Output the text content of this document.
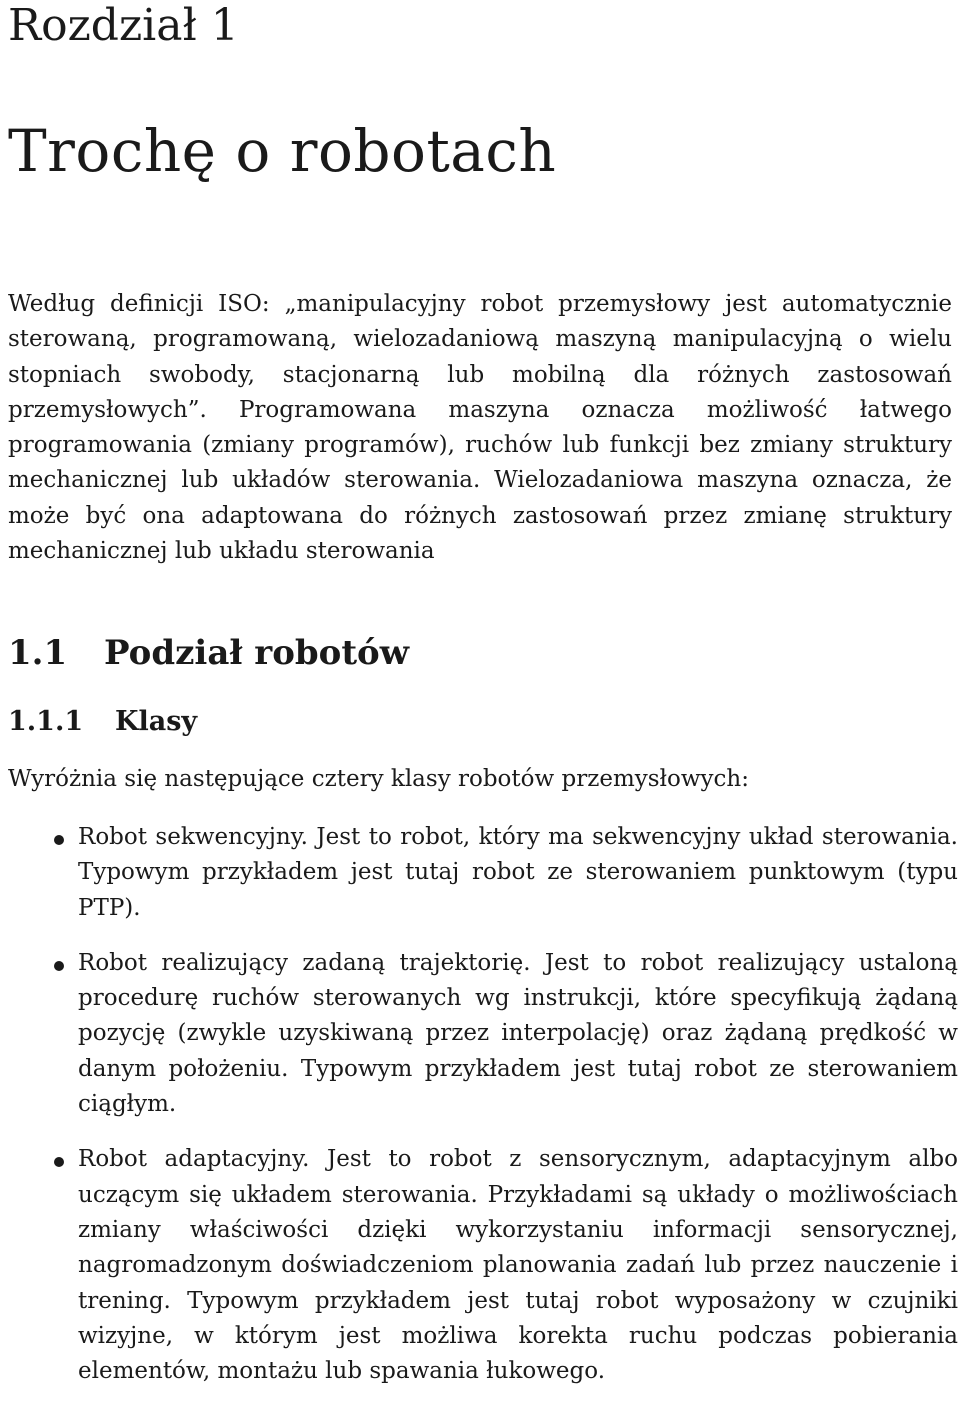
Rozdział 1
Trochę o robotach

Według definicji ISO: „manipulacyjny robot przemysłowy jest automatycznie sterowaną, programowaną, wielozadaniową maszyną manipulacyjną o wielu stopniach swobody, stacjonarną lub mobilną dla różnych zastosowań przemysłowych”. Programowana maszyna oznacza możliwość łatwego programowania (zmiany programów), ruchów lub funkcji bez zmiany struktury mechanicznej lub układów sterowania. Wielozadaniowa maszyna oznacza, że może być ona adaptowana do różnych zastosowań przez zmianę struktury mechanicznej lub układu sterowania

1.1 Podział robotów
1.1.1 Klasy

Wyróżnia się następujące cztery klasy robotów przemysłowych:

Robot sekwencyjny. Jest to robot, który ma sekwencyjny układ sterowania. Typowym przykładem jest tutaj robot ze sterowaniem punktowym (typu PTP).

Robot realizujący zadaną trajektorię. Jest to robot realizujący ustaloną procedurę ruchów sterowanych wg instrukcji, które specyfikują żądaną pozycję (zwykle uzyskiwaną przez interpolację) oraz żądaną prędkość w danym położeniu. Typowym przykładem jest tutaj robot ze sterowaniem ciągłym.

Robot adaptacyjny. Jest to robot z sensorycznym, adaptacyjnym albo uczącym się układem sterowania. Przykładami są układy o możliwościach zmiany właściwości dzięki wykorzystaniu informacji sensorycznej, nagromadzonym doświadczeniom planowania zadań lub przez nauczenie i trening. Typowym przykładem jest tutaj robot wyposażony w czujniki wizyjne, w którym jest możliwa korekta ruchu podczas pobierania elementów, montażu lub spawania łukowego.
